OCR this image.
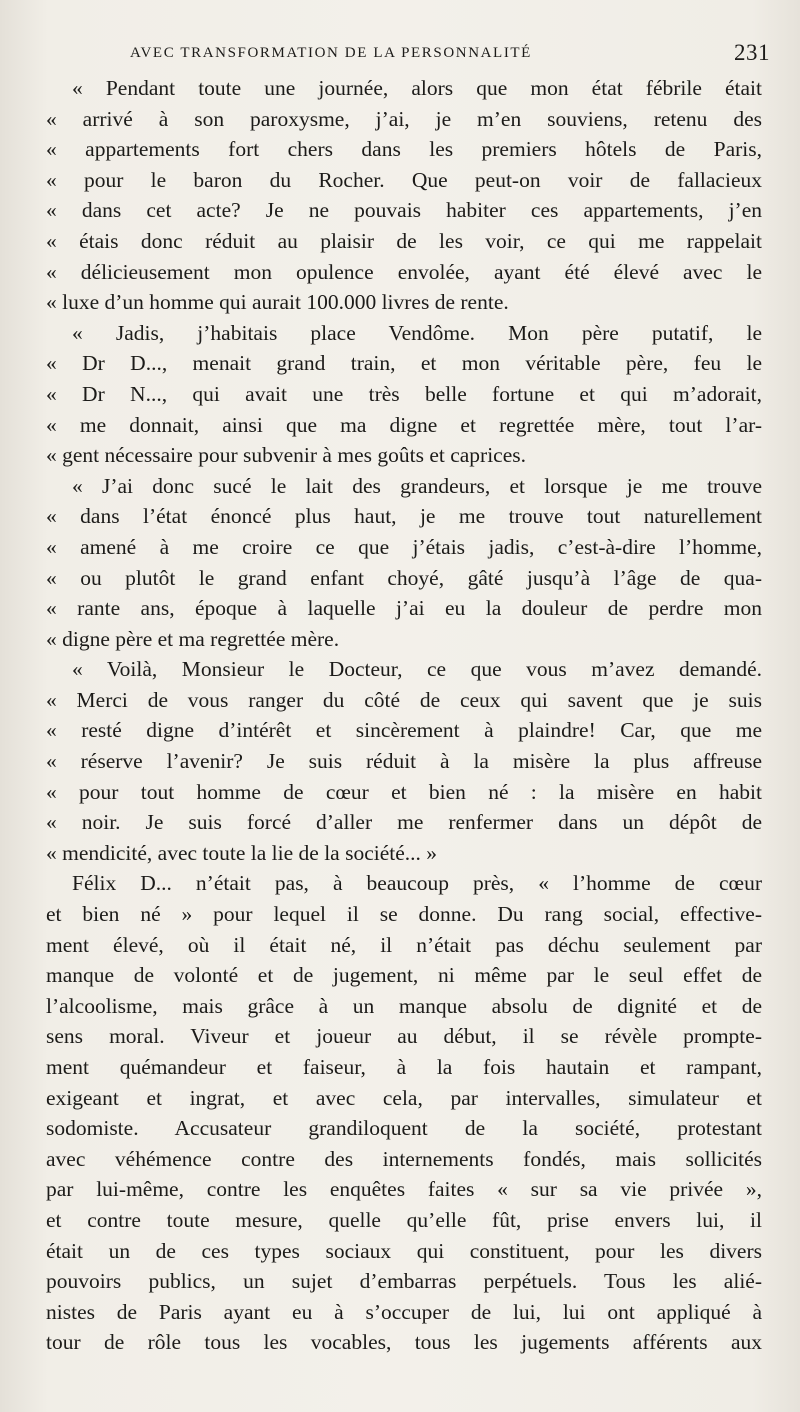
AVEC TRANSFORMATION DE LA PERSONNALITÉ	231
« Pendant toute une journée, alors que mon état fébrile était
« arrivé à son paroxysme, j’ai, je m’en souviens, retenu des
« appartements fort chers dans les premiers hôtels de Paris,
« pour le baron du Rocher. Que peut-on voir de fallacieux
« dans cet acte? Je ne pouvais habiter ces appartements, j’en
« étais donc réduit au plaisir de les voir, ce qui me rappelait
« délicieusement mon opulence envolée, ayant été élevé avec le
« luxe d’un homme qui aurait 100.000 livres de rente.
« Jadis, j’habitais place Vendôme. Mon père putatif, le
« Dr D..., menait grand train, et mon véritable père, feu le
« Dr N..., qui avait une très belle fortune et qui m’adorait,
« me donnait, ainsi que ma digne et regrettée mère, tout l’ar-
« gent nécessaire pour subvenir à mes goûts et caprices.
« J’ai donc sucé le lait des grandeurs, et lorsque je me trouve
« dans l’état énoncé plus haut, je me trouve tout naturellement
« amené à me croire ce que j’étais jadis, c’est-à-dire l’homme,
« ou plutôt le grand enfant choyé, gâté jusqu’à l’âge de qua-
« rante ans, époque à laquelle j’ai eu la douleur de perdre mon
« digne père et ma regrettée mère.
« Voilà, Monsieur le Docteur, ce que vous m’avez demandé.
« Merci de vous ranger du côté de ceux qui savent que je suis
« resté digne d’intérêt et sincèrement à plaindre! Car, que me
« réserve l’avenir? Je suis réduit à la misère la plus affreuse
« pour tout homme de cœur et bien né : la misère en habit
« noir. Je suis forcé d’aller me renfermer dans un dépôt de
« mendicité, avec toute la lie de la société... »
Félix D... n’était pas, à beaucoup près, « l’homme de cœur
et bien né » pour lequel il se donne. Du rang social, effective-
ment élevé, où il était né, il n’était pas déchu seulement par
manque de volonté et de jugement, ni même par le seul effet de
l’alcoolisme, mais grâce à un manque absolu de dignité et de
sens moral. Viveur et joueur au début, il se révèle prompte-
ment quémandeur et faiseur, à la fois hautain et rampant,
exigeant et ingrat, et avec cela, par intervalles, simulateur et
sodomiste. Accusateur grandiloquent de la société, protestant
avec véhémence contre des internements fondés, mais sollicités
par lui-même, contre les enquêtes faites « sur sa vie privée »,
et contre toute mesure, quelle qu’elle fût, prise envers lui, il
était un de ces types sociaux qui constituent, pour les divers
pouvoirs publics, un sujet d’embarras perpétuels. Tous les alié-
nistes de Paris ayant eu à s’occuper de lui, lui ont appliqué à
tour de rôle tous les vocables, tous les jugements afférents aux
